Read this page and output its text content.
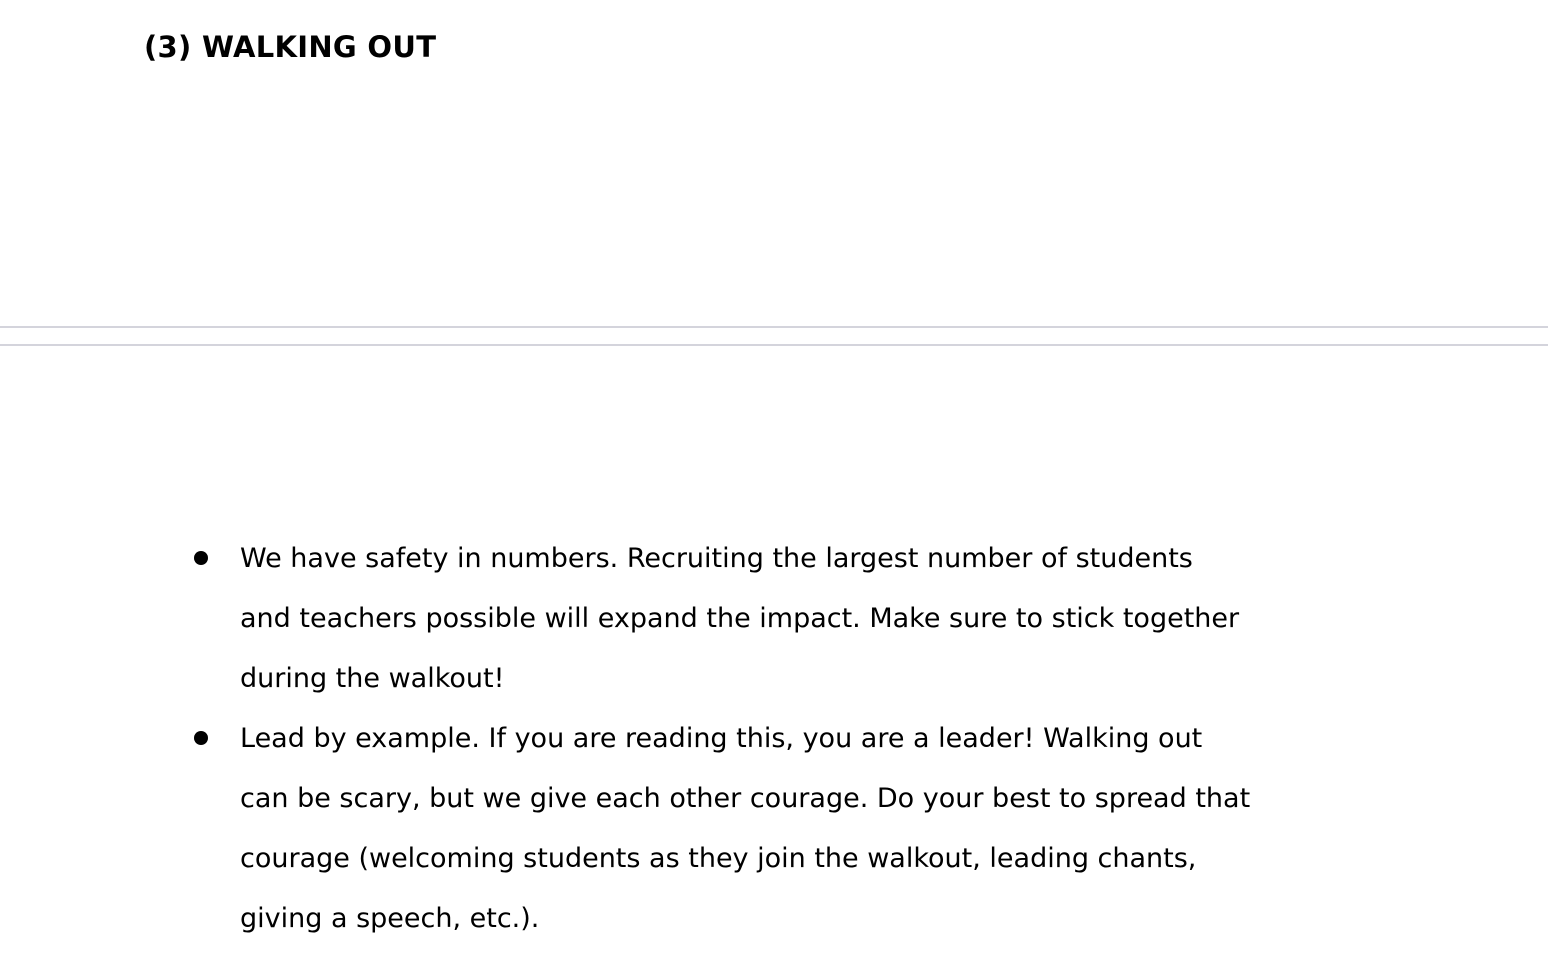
(3) WALKING OUT
We have safety in numbers. Recruiting the largest number of students
and teachers possible will expand the impact. Make sure to stick together
during the walkout!
Lead by example. If you are reading this, you are a leader! Walking out
can be scary, but we give each other courage. Do your best to spread that
courage (welcoming students as they join the walkout, leading chants,
giving a speech, etc.).
